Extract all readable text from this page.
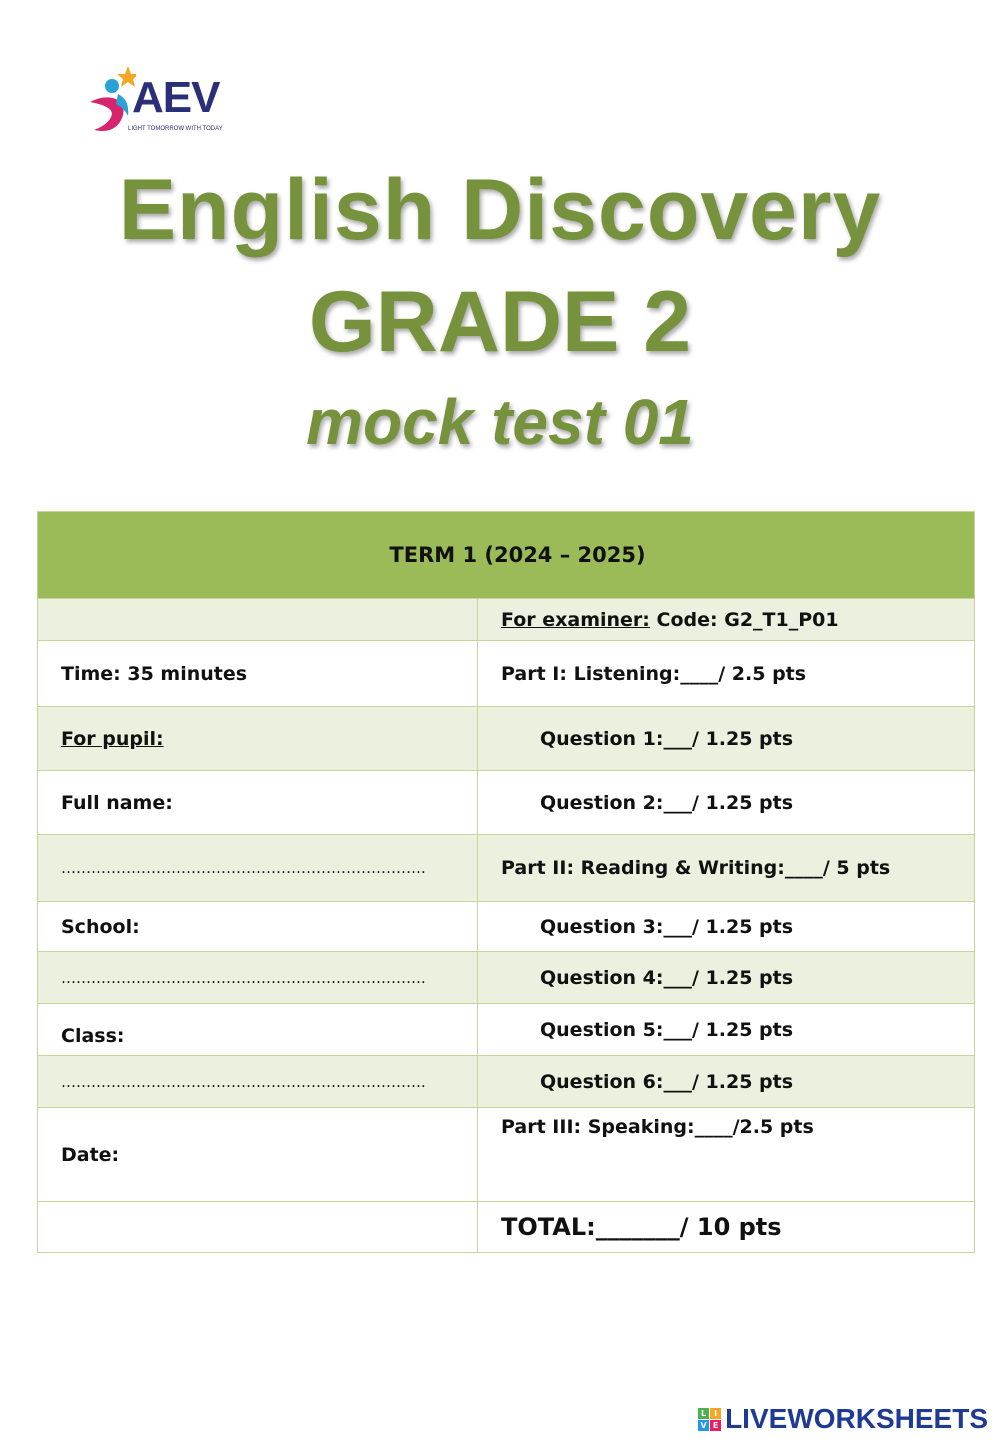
AEV
LIGHT TOMORROW WITH TODAY
English Discovery
GRADE 2
mock test 01
TERM 1 (2024 – 2025)	
	For examiner: Code: G2_T1_P01
Time: 35 minutes	Part I: Listening:____/ 2.5 pts
For pupil:	Question 1:___/ 1.25 pts
Full name:	Question 2:___/ 1.25 pts
……………………………………………………………….	Part II: Reading & Writing:____/ 5 pts
School:	Question 3:___/ 1.25 pts
……………………………………………………………….	Question 4:___/ 1.25 pts
Class:	Question 5:___/ 1.25 pts
……………………………………………………………….	Question 6:___/ 1.25 pts
Date:	Part III: Speaking:____/2.5 pts
	TOTAL:_______/ 10 pts
L I
V E LIVEWORKSHEETS
